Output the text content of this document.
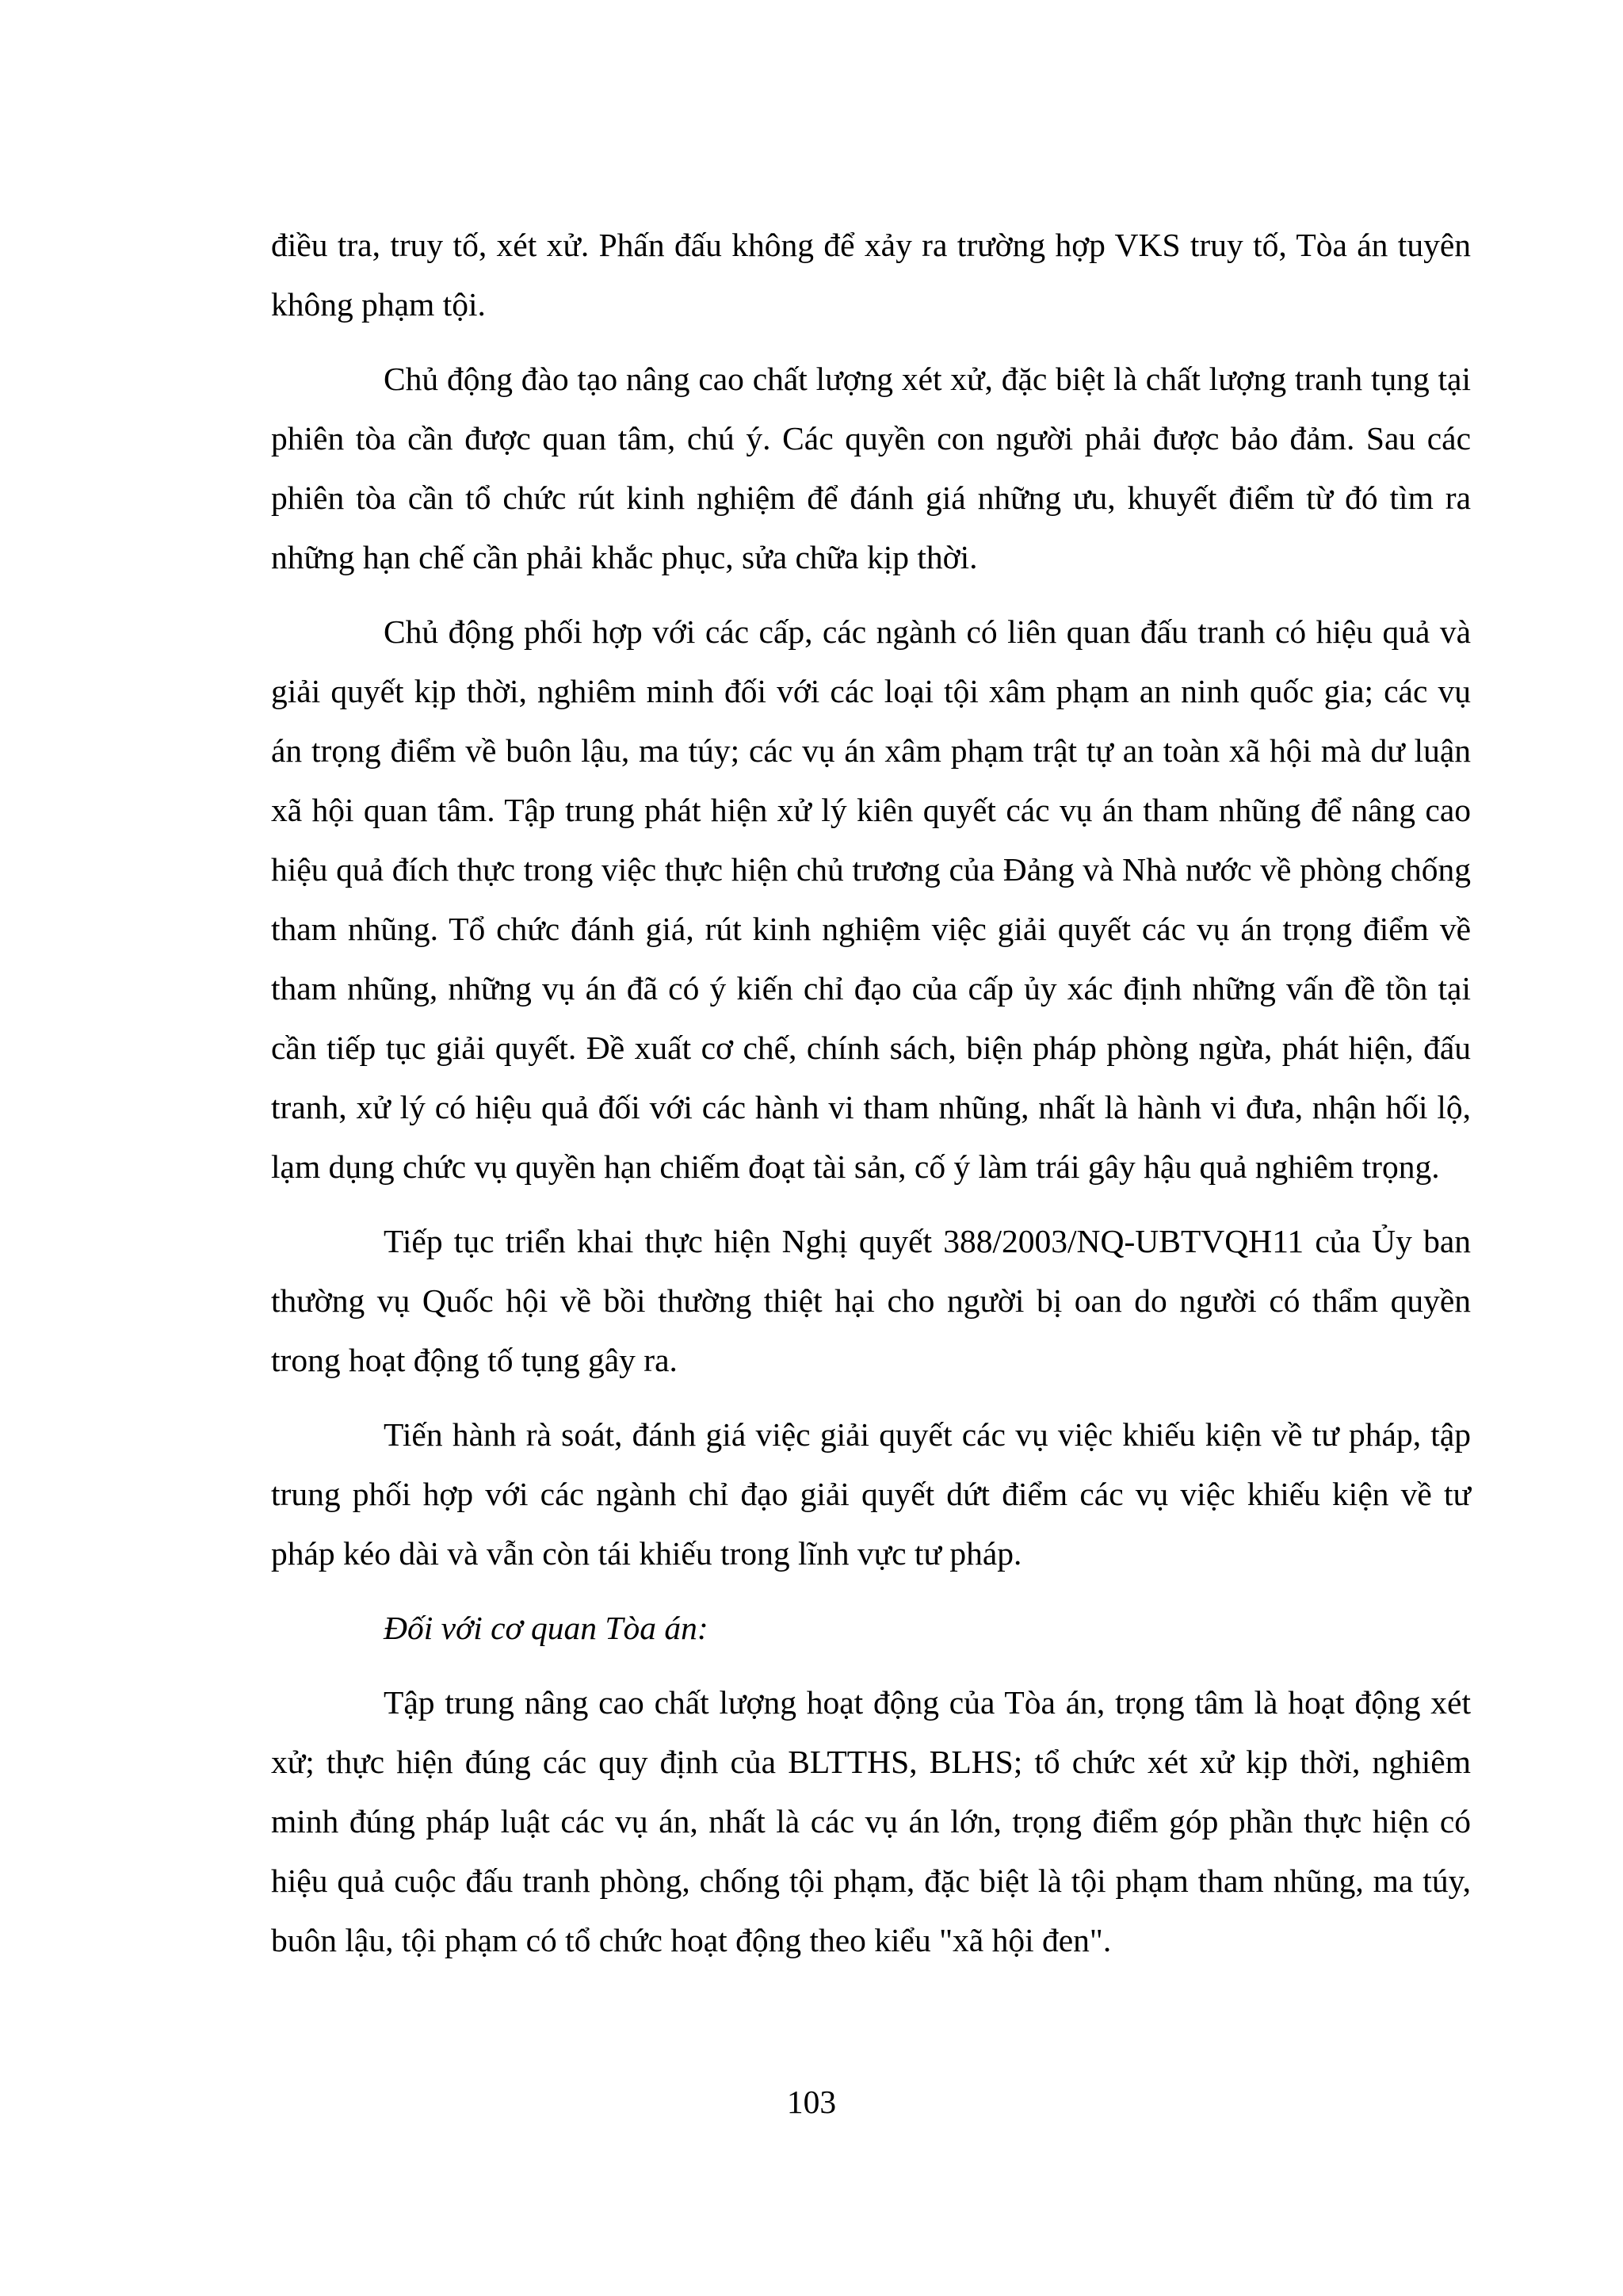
điều tra, truy tố, xét xử. Phấn đấu không để xảy ra trường hợp VKS truy tố, Tòa án tuyên không phạm tội.

Chủ động đào tạo nâng cao chất lượng xét xử, đặc biệt là chất lượng tranh tụng tại phiên tòa cần được quan tâm, chú ý. Các quyền con người phải được bảo đảm. Sau các phiên tòa cần tổ chức rút kinh nghiệm để đánh giá những ưu, khuyết điểm từ đó tìm ra những hạn chế cần phải khắc phục, sửa chữa kịp thời.

Chủ động phối hợp với các cấp, các ngành có liên quan đấu tranh có hiệu quả và giải quyết kịp thời, nghiêm minh đối với các loại tội xâm phạm an ninh quốc gia; các vụ án trọng điểm về buôn lậu, ma túy; các vụ án xâm phạm trật tự an toàn xã hội mà dư luận xã hội quan tâm. Tập trung phát hiện xử lý kiên quyết các vụ án tham nhũng để nâng cao hiệu quả đích thực trong việc thực hiện chủ trương của Đảng và Nhà nước về phòng chống tham nhũng. Tổ chức đánh giá, rút kinh nghiệm việc giải quyết các vụ án trọng điểm về tham nhũng, những vụ án đã có ý kiến chỉ đạo của cấp ủy xác định những vấn đề tồn tại cần tiếp tục giải quyết. Đề xuất cơ chế, chính sách, biện pháp phòng ngừa, phát hiện, đấu tranh, xử lý có hiệu quả đối với các hành vi tham nhũng, nhất là hành vi đưa, nhận hối lộ, lạm dụng chức vụ quyền hạn chiếm đoạt tài sản, cố ý làm trái gây hậu quả nghiêm trọng.

Tiếp tục triển khai thực hiện Nghị quyết 388/2003/NQ-UBTVQH11 của Ủy ban thường vụ Quốc hội về bồi thường thiệt hại cho người bị oan do người có thẩm quyền trong hoạt động tố tụng gây ra.

Tiến hành rà soát, đánh giá việc giải quyết các vụ việc khiếu kiện về tư pháp, tập trung phối hợp với các ngành chỉ đạo giải quyết dứt điểm các vụ việc khiếu kiện về tư pháp kéo dài và vẫn còn tái khiếu trong lĩnh vực tư pháp.

Đối với cơ quan Tòa án:

Tập trung nâng cao chất lượng hoạt động của Tòa án, trọng tâm là hoạt động xét xử; thực hiện đúng các quy định của BLTTHS, BLHS; tổ chức xét xử kịp thời, nghiêm minh đúng pháp luật các vụ án, nhất là các vụ án lớn, trọng điểm góp phần thực hiện có hiệu quả cuộc đấu tranh phòng, chống tội phạm, đặc biệt là tội phạm tham nhũng, ma túy, buôn lậu, tội phạm có tổ chức hoạt động theo kiểu "xã hội đen".

103
